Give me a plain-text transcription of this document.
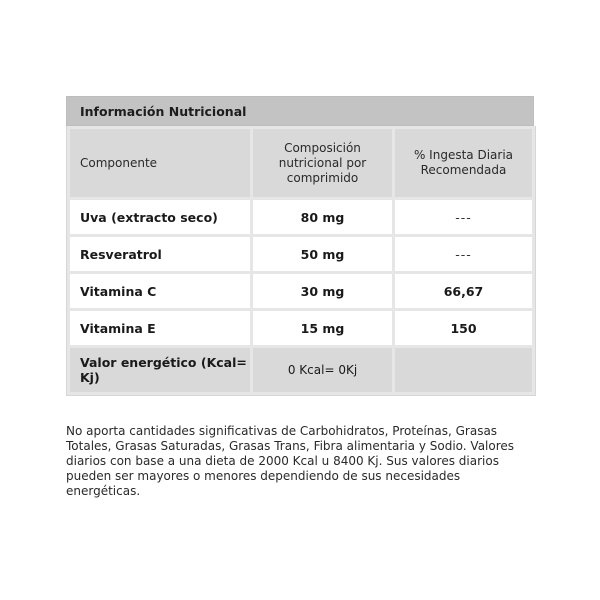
Información Nutricional
Componente	Composición nutricional por comprimido	% Ingesta Diaria Recomendada
Uva (extracto seco)	80 mg	---
Resveratrol	50 mg	---
Vitamina C	30 mg	66,67
Vitamina E	15 mg	150
Valor energético (Kcal= Kj)	0 Kcal= 0Kj	

No aporta cantidades significativas de Carbohidratos, Proteínas, Grasas Totales, Grasas Saturadas, Grasas Trans, Fibra alimentaria y Sodio. Valores diarios con base a una dieta de 2000 Kcal u 8400 Kj. Sus valores diarios pueden ser mayores o menores dependiendo de sus necesidades energéticas.
